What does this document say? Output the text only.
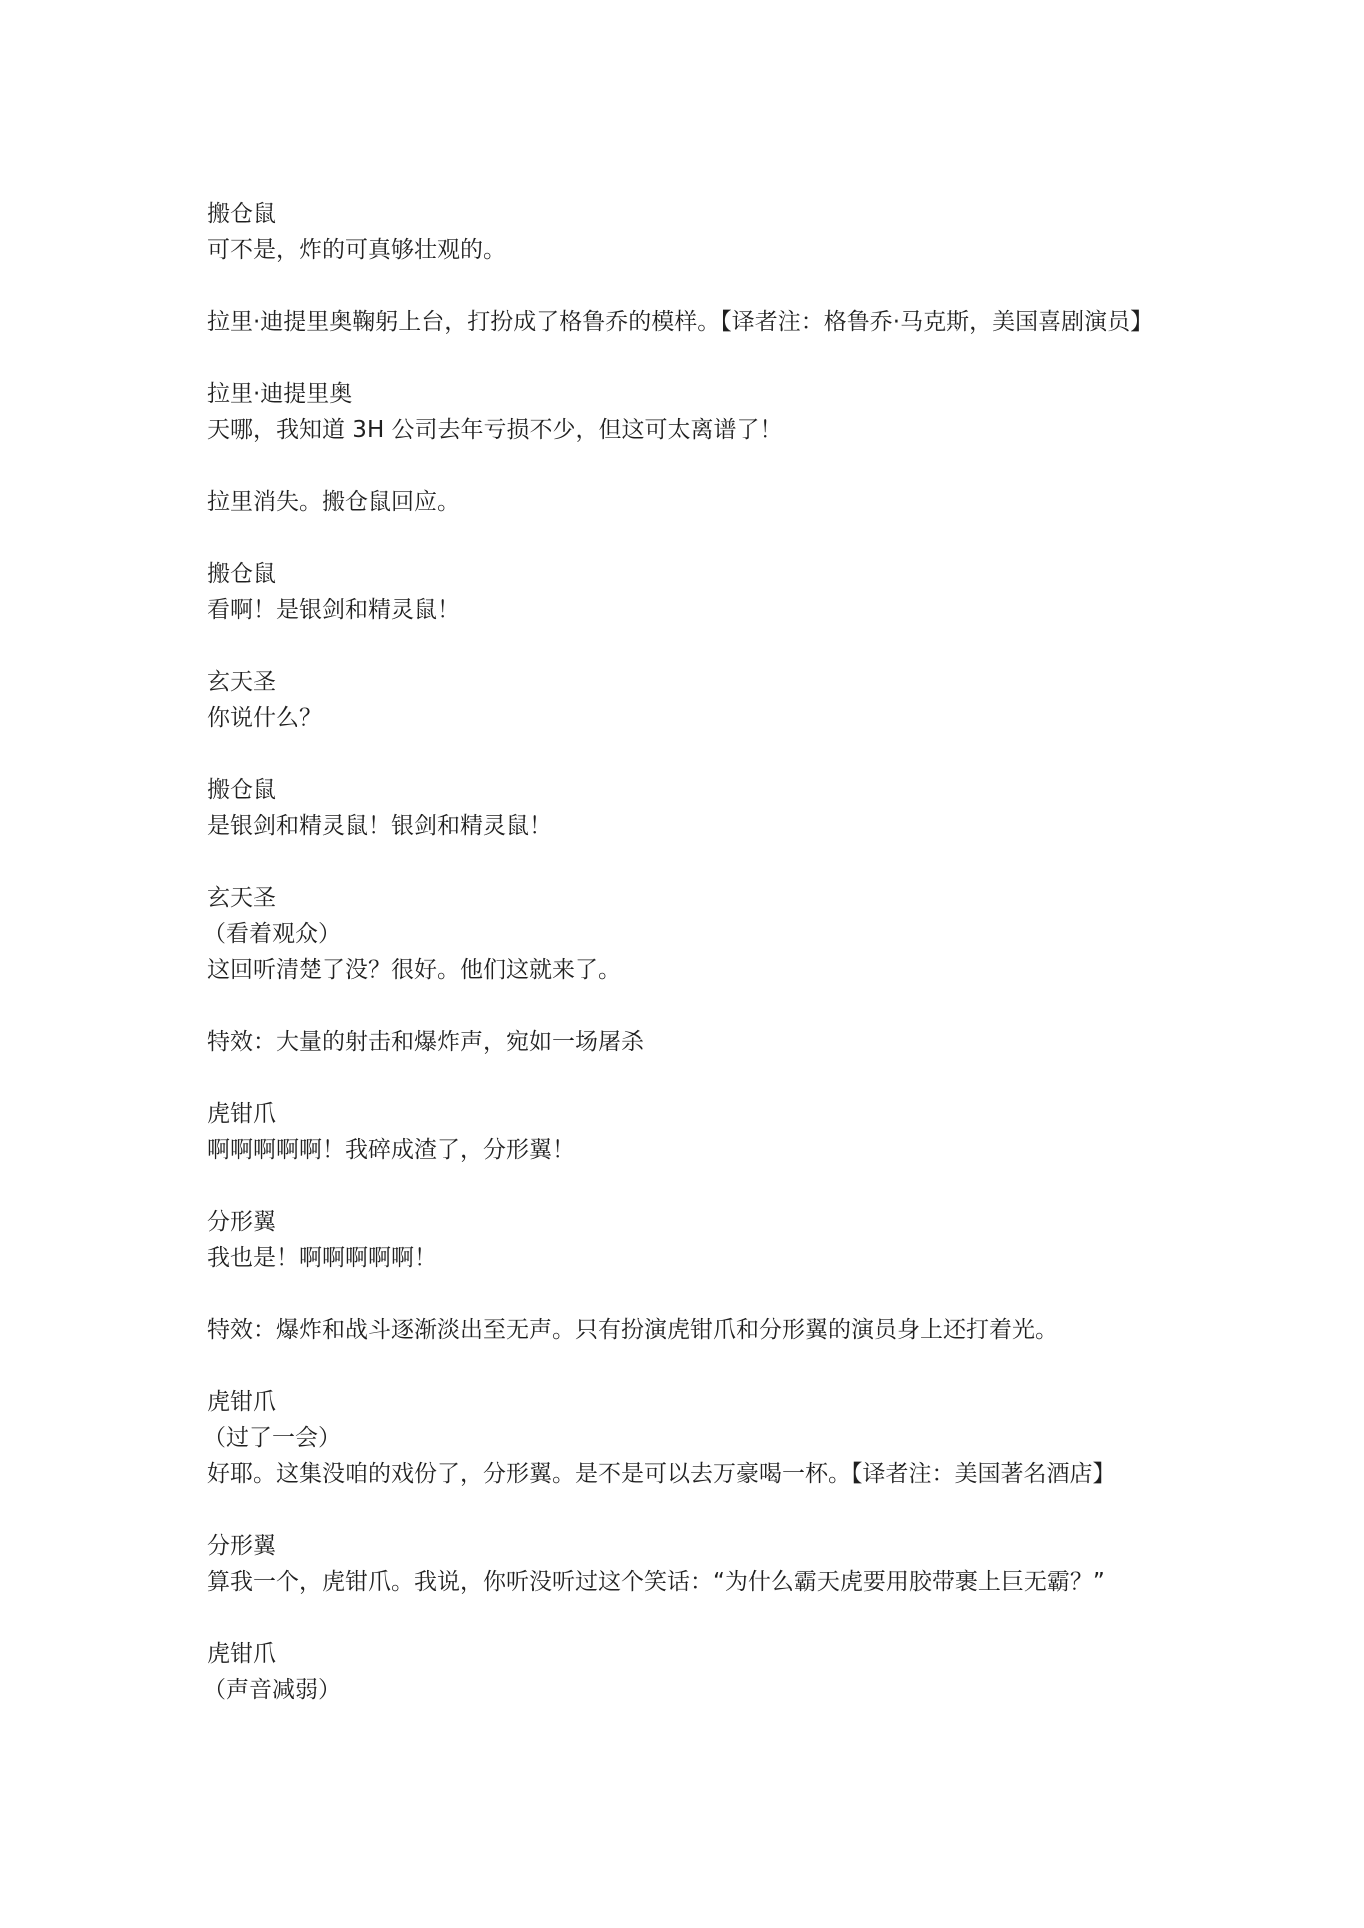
搬仓鼠
可不是，炸的可真够壮观的。
拉里·迪提里奥鞠躬上台，打扮成了格鲁乔的模样。【译者注：格鲁乔·马克斯，美国喜剧演员】
拉里·迪提里奥
天哪，我知道 3H 公司去年亏损不少，但这可太离谱了！
拉里消失。搬仓鼠回应。
搬仓鼠
看啊！是银剑和精灵鼠！
玄天圣
你说什么？
搬仓鼠
是银剑和精灵鼠！银剑和精灵鼠！
玄天圣
（看着观众）
这回听清楚了没？很好。他们这就来了。
特效：大量的射击和爆炸声，宛如一场屠杀
虎钳爪
啊啊啊啊啊！我碎成渣了，分形翼！
分形翼
我也是！啊啊啊啊啊！
特效：爆炸和战斗逐渐淡出至无声。只有扮演虎钳爪和分形翼的演员身上还打着光。
虎钳爪
（过了一会）
好耶。这集没咱的戏份了，分形翼。是不是可以去万豪喝一杯。【译者注：美国著名酒店】
分形翼
算我一个，虎钳爪。我说，你听没听过这个笑话：“为什么霸天虎要用胶带裹上巨无霸？”
虎钳爪
（声音减弱）
